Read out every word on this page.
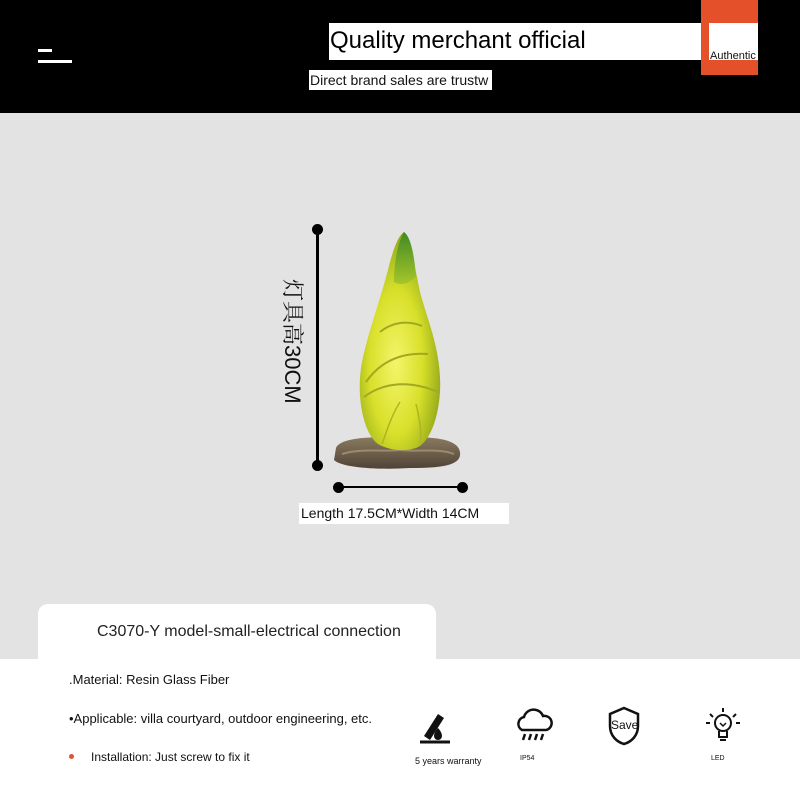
Quality merchant official
Authentic
Direct brand sales are trustw
灯具高30CM
Length 17.5CM*Width 14CM
C3070-Y model-small-electrical connection
.Material: Resin Glass Fiber
•Applicable: villa courtyard, outdoor engineering, etc.
Installation: Just screw to fix it	5 years warranty	IP54
Save
LED
